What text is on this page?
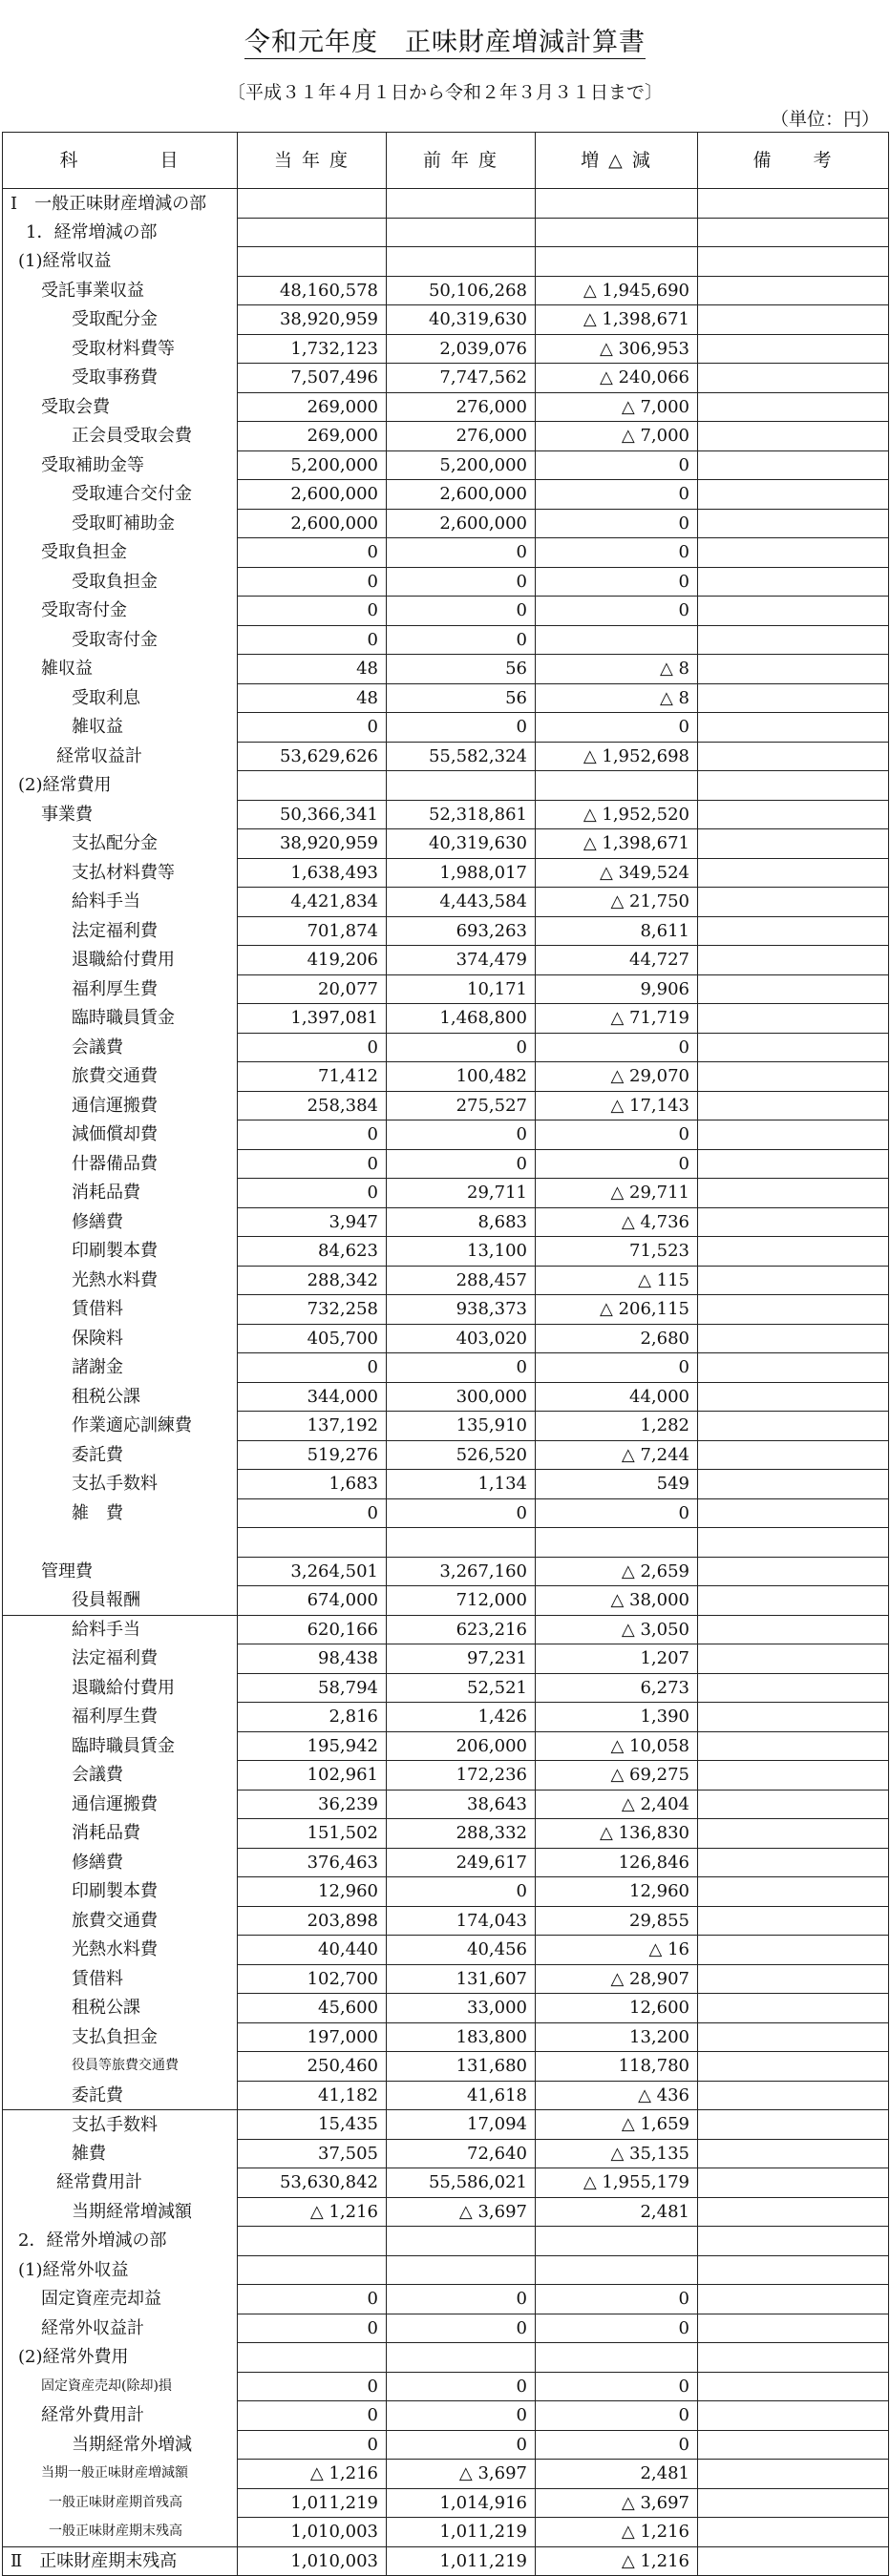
令和元年度　正味財産増減計算書
〔平成３１年４月１日から令和２年３月３１日まで〕
（単位：円）
科　　　　目	当 年 度	前 年 度	増 △ 減	備　　考
Ⅰ　一般正味財産増減の部				
1．経常増減の部				
(1)経常収益				
受託事業収益	48,160,578	50,106,268	△ 1,945,690	
受取配分金	38,920,959	40,319,630	△ 1,398,671	
受取材料費等	1,732,123	2,039,076	△ 306,953	
受取事務費	7,507,496	7,747,562	△ 240,066	
受取会費	269,000	276,000	△ 7,000	
正会員受取会費	269,000	276,000	△ 7,000	
受取補助金等	5,200,000	5,200,000	0	
受取連合交付金	2,600,000	2,600,000	0	
受取町補助金	2,600,000	2,600,000	0	
受取負担金	0	0	0	
受取負担金	0	0	0	
受取寄付金	0	0	0	
受取寄付金	0	0		
雑収益	48	56	△ 8	
受取利息	48	56	△ 8	
雑収益	0	0	0	
経常収益計	53,629,626	55,582,324	△ 1,952,698	
(2)経常費用				
事業費	50,366,341	52,318,861	△ 1,952,520	
支払配分金	38,920,959	40,319,630	△ 1,398,671	
支払材料費等	1,638,493	1,988,017	△ 349,524	
給料手当	4,421,834	4,443,584	△ 21,750	
法定福利費	701,874	693,263	8,611	
退職給付費用	419,206	374,479	44,727	
福利厚生費	20,077	10,171	9,906	
臨時職員賃金	1,397,081	1,468,800	△ 71,719	
会議費	0	0	0	
旅費交通費	71,412	100,482	△ 29,070	
通信運搬費	258,384	275,527	△ 17,143	
減価償却費	0	0	0	
什器備品費	0	0	0	
消耗品費	0	29,711	△ 29,711	
修繕費	3,947	8,683	△ 4,736	
印刷製本費	84,623	13,100	71,523	
光熱水料費	288,342	288,457	△ 115	
賃借料	732,258	938,373	△ 206,115	
保険料	405,700	403,020	2,680	
諸謝金	0	0	0	
租税公課	344,000	300,000	44,000	
作業適応訓練費	137,192	135,910	1,282	
委託費	519,276	526,520	△ 7,244	
支払手数料	1,683	1,134	549	
雑　費	0	0	0	

管理費	3,264,501	3,267,160	△ 2,659	
役員報酬	674,000	712,000	△ 38,000	
給料手当	620,166	623,216	△ 3,050	
法定福利費	98,438	97,231	1,207	
退職給付費用	58,794	52,521	6,273	
福利厚生費	2,816	1,426	1,390	
臨時職員賃金	195,942	206,000	△ 10,058	
会議費	102,961	172,236	△ 69,275	
通信運搬費	36,239	38,643	△ 2,404	
消耗品費	151,502	288,332	△ 136,830	
修繕費	376,463	249,617	126,846	
印刷製本費	12,960	0	12,960	
旅費交通費	203,898	174,043	29,855	
光熱水料費	40,440	40,456	△ 16	
賃借料	102,700	131,607	△ 28,907	
租税公課	45,600	33,000	12,600	
支払負担金	197,000	183,800	13,200	
役員等旅費交通費	250,460	131,680	118,780	
委託費	41,182	41,618	△ 436	
支払手数料	15,435	17,094	△ 1,659	
雑費	37,505	72,640	△ 35,135	
経常費用計	53,630,842	55,586,021	△ 1,955,179	
当期経常増減額	△ 1,216	△ 3,697	2,481	
2．経常外増減の部				
(1)経常外収益				
固定資産売却益	0	0	0	
経常外収益計	0	0	0	
(2)経常外費用				
固定資産売却(除却)損	0	0	0	
経常外費用計	0	0	0	
当期経常外増減	0	0	0	
当期一般正味財産増減額	△ 1,216	△ 3,697	2,481	
一般正味財産期首残高	1,011,219	1,014,916	△ 3,697	
一般正味財産期末残高	1,010,003	1,011,219	△ 1,216	
Ⅱ　正味財産期末残高	1,010,003	1,011,219	△ 1,216	
